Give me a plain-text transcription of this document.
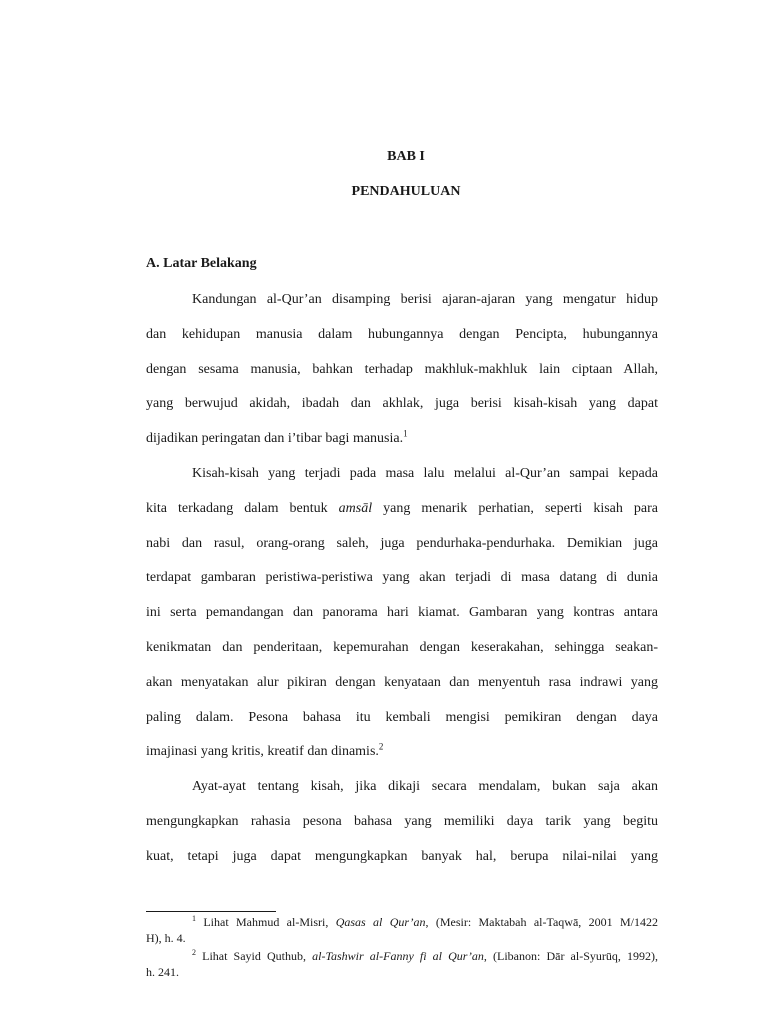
BAB I
PENDAHULUAN
A. Latar Belakang
Kandungan al-Qur’an disamping berisi ajaran-ajaran yang mengatur hidup
dan kehidupan manusia dalam hubungannya dengan Pencipta, hubungannya
dengan sesama manusia, bahkan terhadap makhluk-makhluk lain ciptaan Allah,
yang berwujud akidah, ibadah dan akhlak, juga berisi kisah-kisah yang dapat
dijadikan peringatan dan i’tibar bagi manusia.$^1$
Kisah-kisah yang terjadi pada masa lalu melalui al-Qur’an sampai kepada
kita terkadang dalam bentuk amsāl yang menarik perhatian, seperti kisah para
nabi dan rasul, orang-orang saleh, juga pendurhaka-pendurhaka. Demikian juga
terdapat gambaran peristiwa-peristiwa yang akan terjadi di masa datang di dunia
ini serta pemandangan dan panorama hari kiamat. Gambaran yang kontras antara
kenikmatan dan penderitaan, kepemurahan dengan keserakahan, sehingga seakan-
akan menyatakan alur pikiran dengan kenyataan dan menyentuh rasa indrawi yang
paling dalam. Pesona bahasa itu kembali mengisi pemikiran dengan daya
imajinasi yang kritis, kreatif dan dinamis.$^2$
Ayat-ayat tentang kisah, jika dikaji secara mendalam, bukan saja akan
mengungkapkan rahasia pesona bahasa yang memiliki daya tarik yang begitu
kuat, tetapi juga dapat mengungkapkan banyak hal, berupa nilai-nilai yang
$^1$ Lihat Mahmud al-Misri, Qasas al Qur’an, (Mesir: Maktabah al-Taqwā, 2001 M/1422
H), h. 4.
$^2$ Lihat Sayid Quthub, al-Tashwir al-Fanny fi al Qur’an, (Libanon: Dār al-Syurūq, 1992),
h. 241.
